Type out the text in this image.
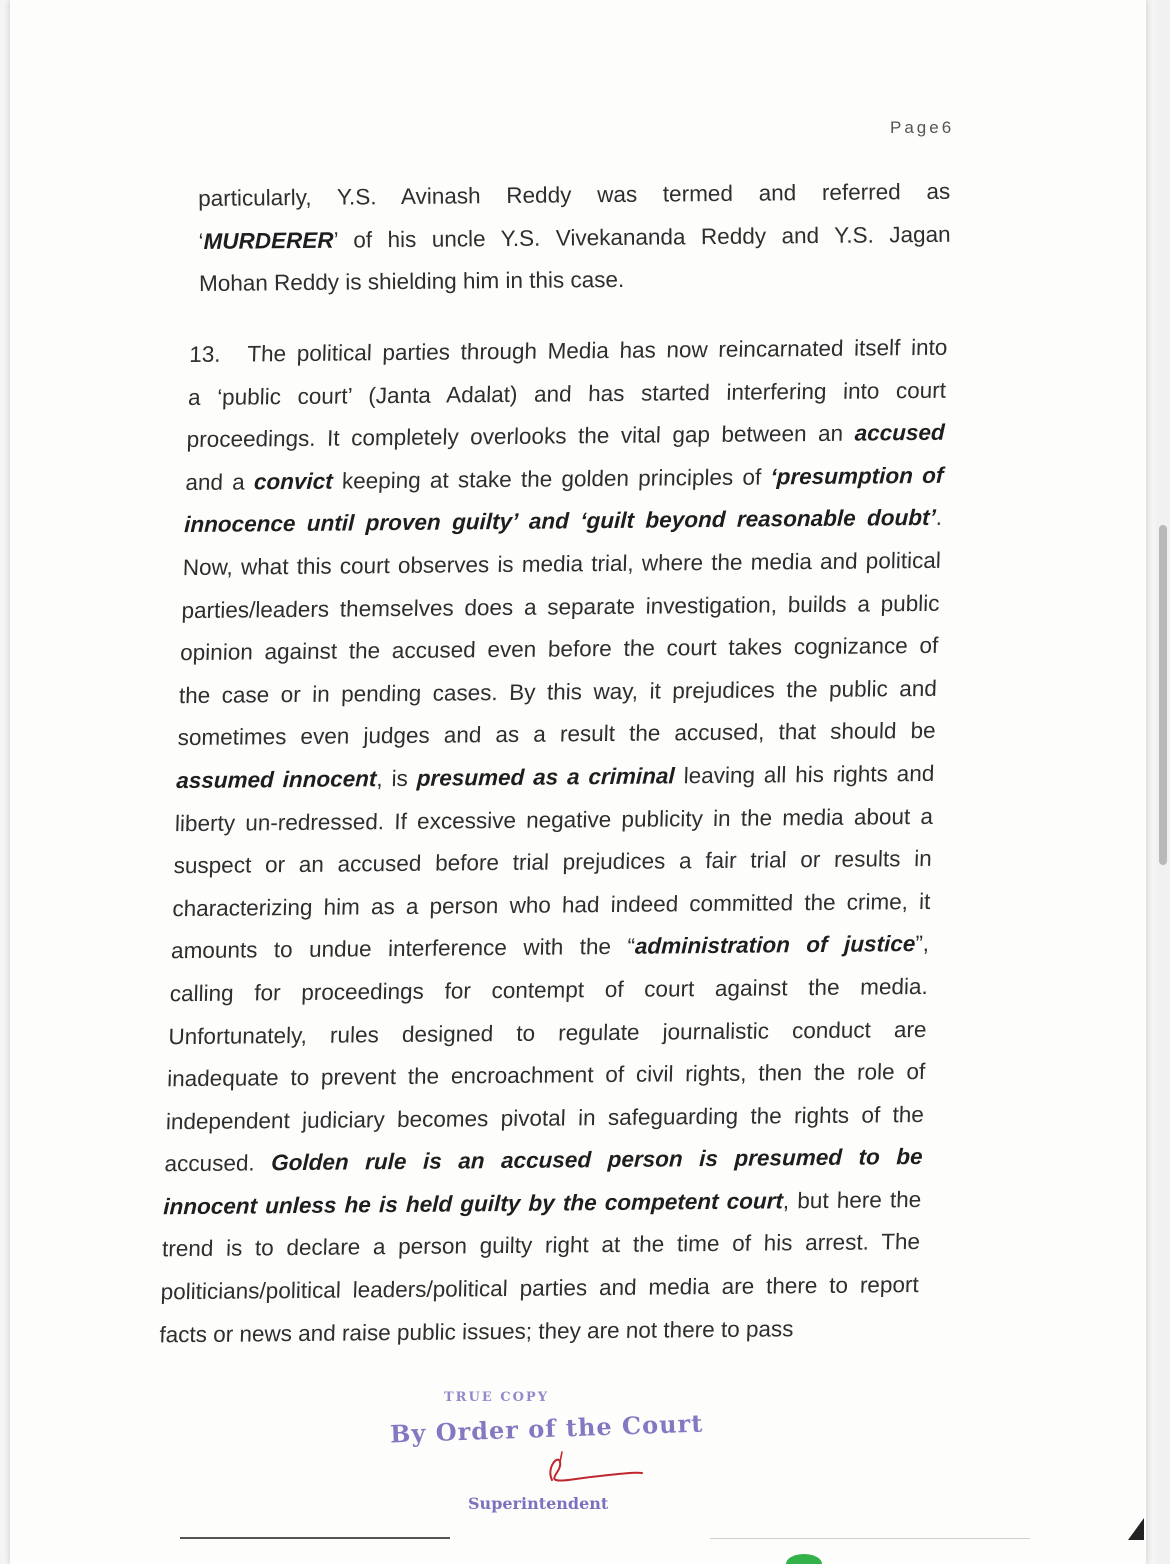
Page6
particularly, Y.S. Avinash Reddy was termed and referred as
‘MURDERER’ of his uncle Y.S. Vivekananda Reddy and Y.S. Jagan
Mohan Reddy is shielding him in this case.
13. The political parties through Media has now reincarnated itself into
a ‘public court’ (Janta Adalat) and has started interfering into court
proceedings. It completely overlooks the vital gap between an accused
and a convict keeping at stake the golden principles of ‘presumption of
innocence until proven guilty’ and ‘guilt beyond reasonable doubt’.
Now, what this court observes is media trial, where the media and political
parties/leaders themselves does a separate investigation, builds a public
opinion against the accused even before the court takes cognizance of
the case or in pending cases. By this way, it prejudices the public and
sometimes even judges and as a result the accused, that should be
assumed innocent, is presumed as a criminal leaving all his rights and
liberty un-redressed. If excessive negative publicity in the media about a
suspect or an accused before trial prejudices a fair trial or results in
characterizing him as a person who had indeed committed the crime, it
amounts to undue interference with the “administration of justice”,
calling for proceedings for contempt of court against the media.
Unfortunately, rules designed to regulate journalistic conduct are
inadequate to prevent the encroachment of civil rights, then the role of
independent judiciary becomes pivotal in safeguarding the rights of the
accused. Golden rule is an accused person is presumed to be
innocent unless he is held guilty by the competent court, but here the
trend is to declare a person guilty right at the time of his arrest. The
politicians/political leaders/political parties and media are there to report
facts or news and raise public issues; they are not there to pass
TRUE COPY
By Order of the Court
Superintendent
